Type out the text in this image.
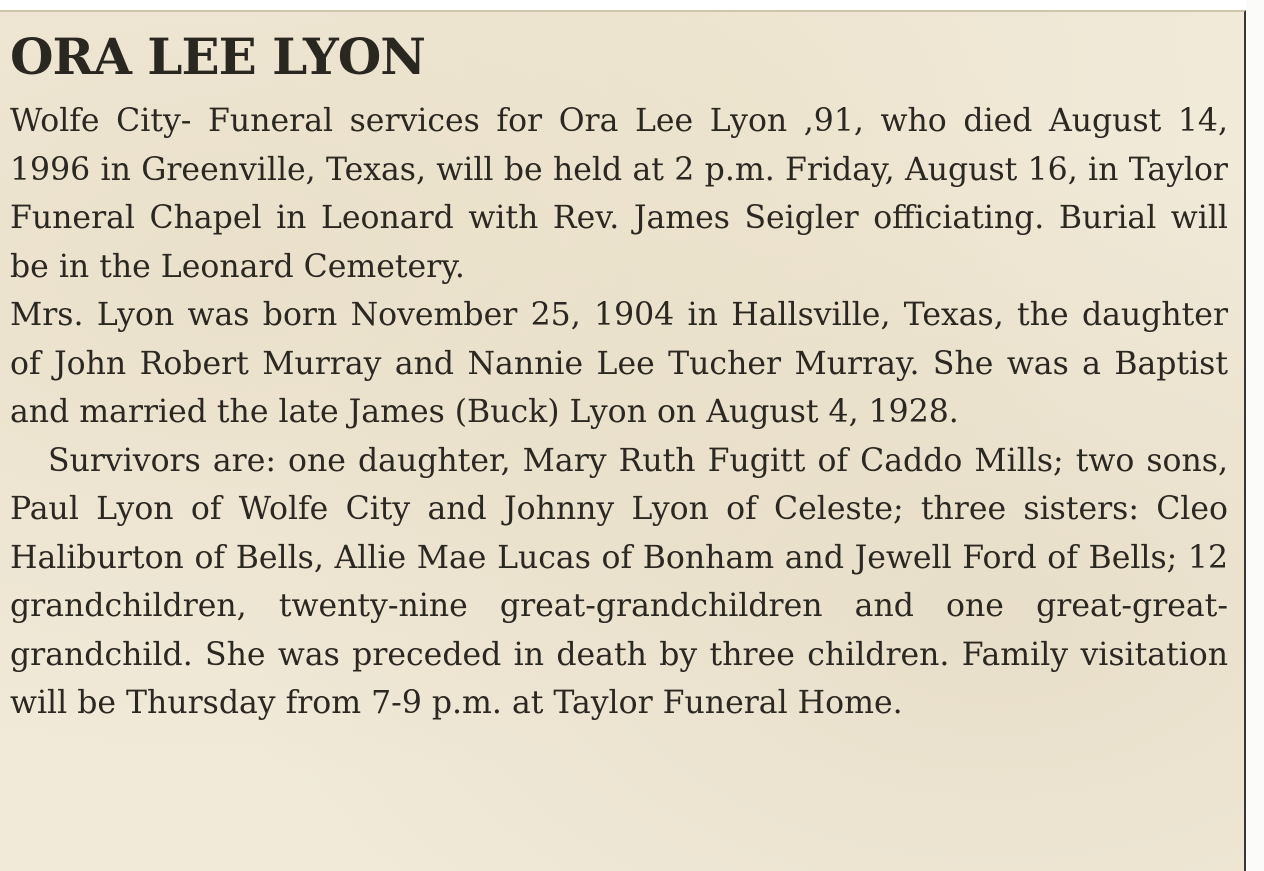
ORA LEE LYON

Wolfe City- Funeral services for Ora Lee Lyon ,91, who died August 14, 1996 in Greenville, Texas, will be held at 2 p.m. Friday, August 16, in Taylor Funeral Chapel in Leonard with Rev. James Seigler officiating. Burial will be in the Leonard Cemetery.

Mrs. Lyon was born November 25, 1904 in Hallsville, Texas, the daughter of John Robert Murray and Nannie Lee Tucher Murray. She was a Baptist and married the late James (Buck) Lyon on August 4, 1928.

Survivors are: one daughter, Mary Ruth Fugitt of Caddo Mills; two sons, Paul Lyon of Wolfe City and Johnny Lyon of Celeste; three sisters: Cleo Haliburton of Bells, Allie Mae Lucas of Bonham and Jewell Ford of Bells; 12 grandchildren, twenty-nine great-grandchildren and one great-great-grandchild. She was preceded in death by three children. Family visitation will be Thursday from 7-9 p.m. at Taylor Funeral Home.
